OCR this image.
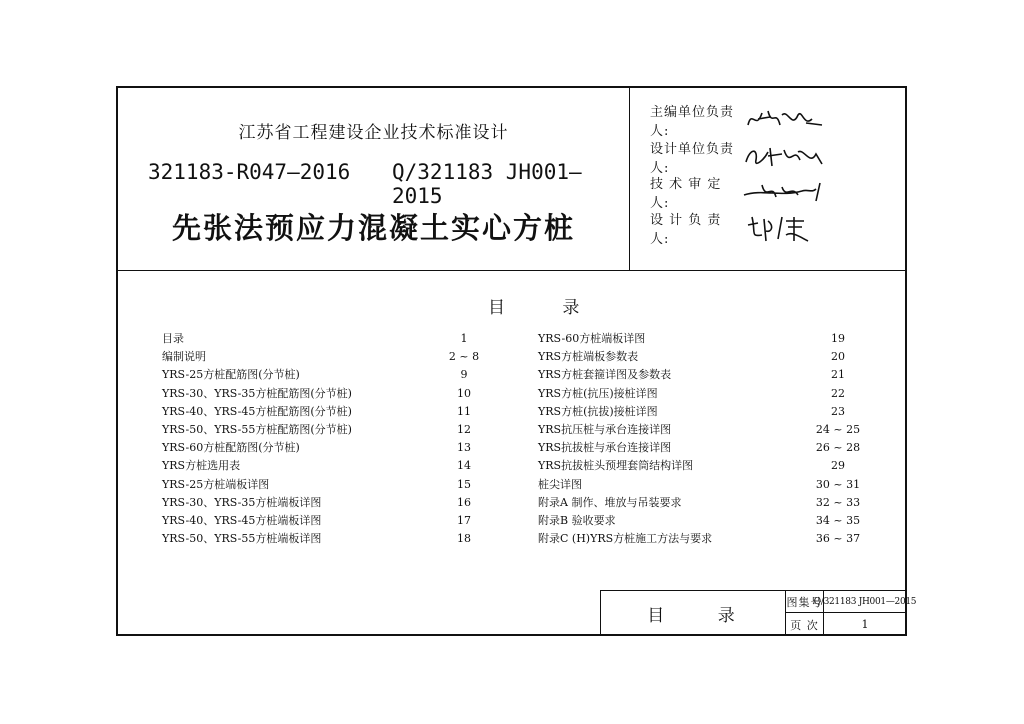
江苏省工程建设企业技术标准设计
321183-R047—2016 Q/321183 JH001—2015
先张法预应力混凝土实心方桩
主编单位负责人:
设计单位负责人:
技 术 审 定 人:
设 计 负 责 人:
目 录
目录	1
编制说明	2 ~ 8
YRS-25方桩配筋图(分节桩)	9
YRS-30、YRS-35方桩配筋图(分节桩)	10
YRS-40、YRS-45方桩配筋图(分节桩)	11
YRS-50、YRS-55方桩配筋图(分节桩)	12
YRS-60方桩配筋图(分节桩)	13
YRS方桩选用表	14
YRS-25方桩端板详图	15
YRS-30、YRS-35方桩端板详图	16
YRS-40、YRS-45方桩端板详图	17
YRS-50、YRS-55方桩端板详图	18
YRS-60方桩端板详图	19
YRS方桩端板参数表	20
YRS方桩套箍详图及参数表	21
YRS方桩(抗压)接桩详图	22
YRS方桩(抗拔)接桩详图	23
YRS抗压桩与承台连接详图	24 ~ 25
YRS抗拔桩与承台连接详图	26 ~ 28
YRS抗拔桩头预埋套筒结构详图	29
桩尖详图	30 ~ 31
附录A 制作、堆放与吊装要求	32 ~ 33
附录B 验收要求	34 ~ 35
附录C (H)YRS方桩施工方法与要求	36 ~ 37
目 录
图集号
Q/321183 JH001—2015
页 次	1
